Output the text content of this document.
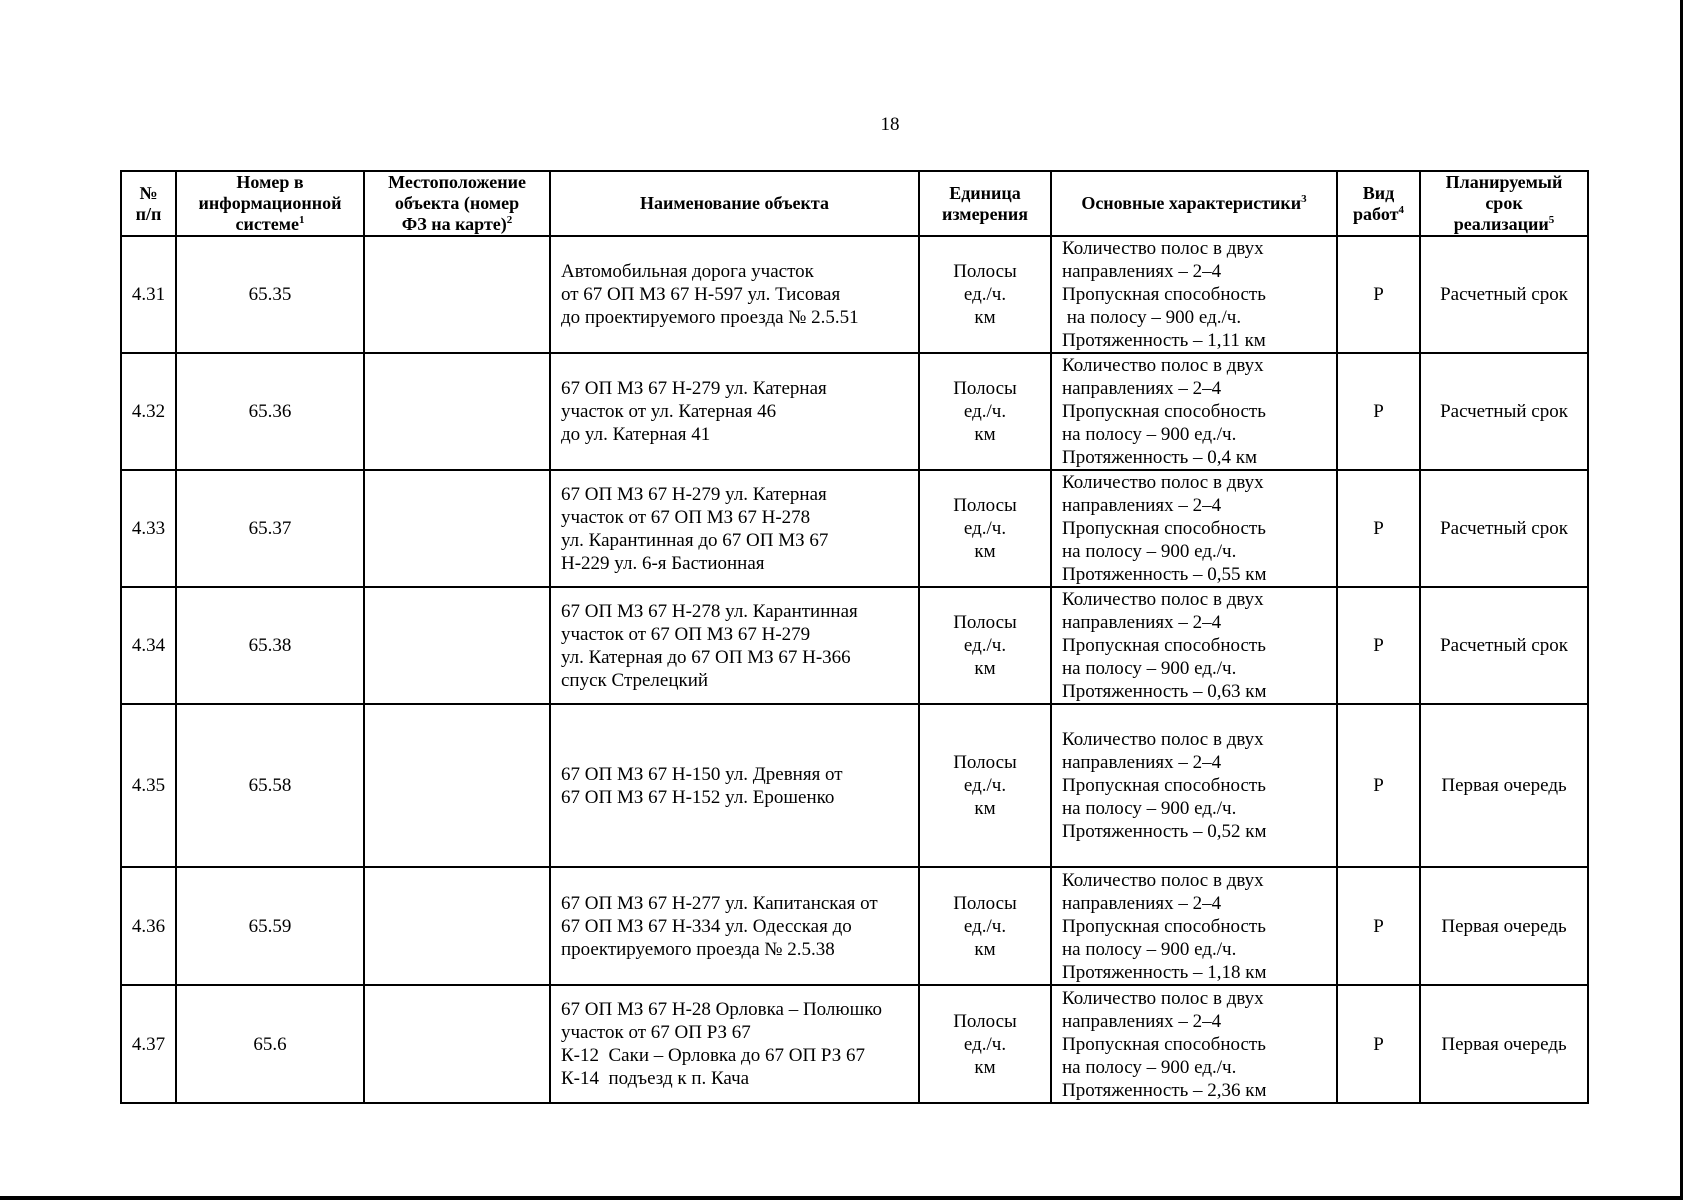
18
№
п/п	Номер в
информационной
системе$^1$	Местоположение
объекта (номер
ФЗ на карте)$^2$	Наименование объекта	Единица
измерения	Основные характеристики$^3$	Вид
работ$^4$	Планируемый
срок
реализации$^5$
4.31	65.35		Автомобильная дорога участок
от 67 ОП МЗ 67 Н-597 ул. Тисовая
до проектируемого проезда № 2.5.51	Полосы
ед./ч.
км	Количество полос в двух
направлениях – 2–4
Пропускная способность
на полосу – 900 ед./ч.
Протяженность – 1,11 км	Р	Расчетный срок
4.32	65.36		67 ОП МЗ 67 Н-279 ул. Катерная
участок от ул. Катерная 46
до ул. Катерная 41	Полосы
ед./ч.
км	Количество полос в двух
направлениях – 2–4
Пропускная способность
на полосу – 900 ед./ч.
Протяженность – 0,4 км	Р	Расчетный срок
4.33	65.37		67 ОП МЗ 67 Н-279 ул. Катерная
участок от 67 ОП МЗ 67 Н-278
ул. Карантинная до 67 ОП МЗ 67
Н-229 ул. 6-я Бастионная	Полосы
ед./ч.
км	Количество полос в двух
направлениях – 2–4
Пропускная способность
на полосу – 900 ед./ч.
Протяженность – 0,55 км	Р	Расчетный срок
4.34	65.38		67 ОП МЗ 67 Н-278 ул. Карантинная
участок от 67 ОП МЗ 67 Н-279
ул. Катерная до 67 ОП МЗ 67 Н-366
спуск Стрелецкий	Полосы
ед./ч.
км	Количество полос в двух
направлениях – 2–4
Пропускная способность
на полосу – 900 ед./ч.
Протяженность – 0,63 км	Р	Расчетный срок
4.35	65.58		67 ОП МЗ 67 Н-150 ул. Древняя от
67 ОП МЗ 67 Н-152 ул. Ерошенко	Полосы
ед./ч.
км	Количество полос в двух
направлениях – 2–4
Пропускная способность
на полосу – 900 ед./ч.
Протяженность – 0,52 км	Р	Первая очередь
4.36	65.59		67 ОП МЗ 67 Н-277 ул. Капитанская от
67 ОП МЗ 67 Н-334 ул. Одесская до
проектируемого проезда № 2.5.38	Полосы
ед./ч.
км	Количество полос в двух
направлениях – 2–4
Пропускная способность
на полосу – 900 ед./ч.
Протяженность – 1,18 км	Р	Первая очередь
4.37	65.6		67 ОП МЗ 67 Н-28 Орловка – Полюшко
участок от 67 ОП РЗ 67
К-12  Саки – Орловка до 67 ОП РЗ 67
К-14  подъезд к п. Кача	Полосы
ед./ч.
км	Количество полос в двух
направлениях – 2–4
Пропускная способность
на полосу – 900 ед./ч.
Протяженность – 2,36 км	Р	Первая очередь
